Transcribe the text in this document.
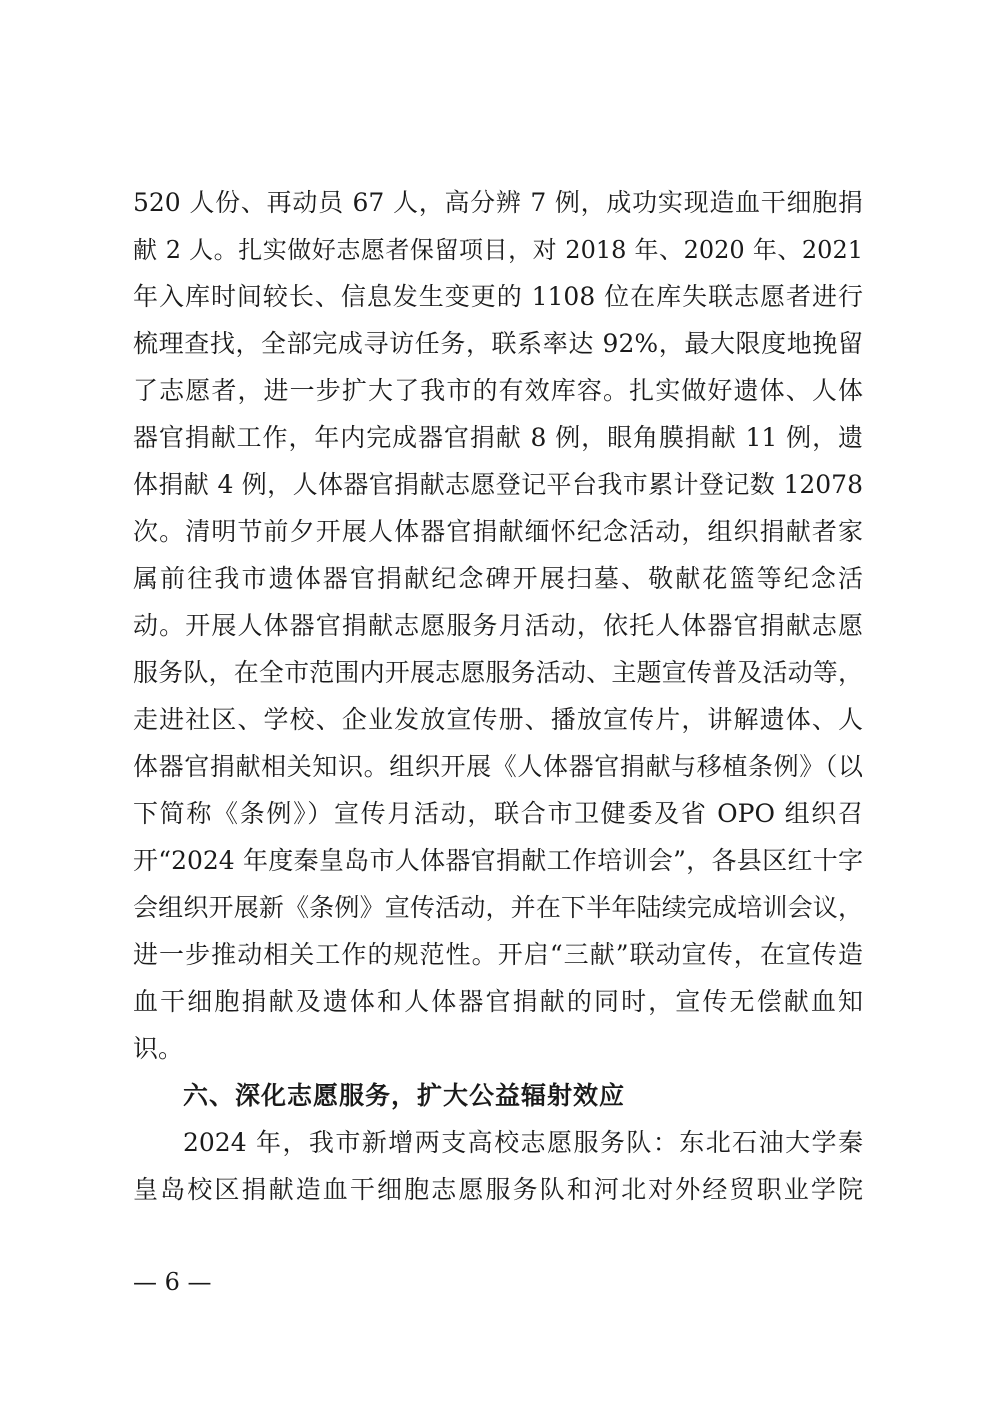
520 人份、再动员 67 人，高分辨 7 例，成功实现造血干细胞捐
献 2 人。扎实做好志愿者保留项目，对 2018 年、2020 年、2021
年入库时间较长、信息发生变更的 1108 位在库失联志愿者进行
梳理查找，全部完成寻访任务，联系率达 92%，最大限度地挽留
了志愿者，进一步扩大了我市的有效库容。扎实做好遗体、人体
器官捐献工作，年内完成器官捐献 8 例，眼角膜捐献 11 例，遗
体捐献 4 例，人体器官捐献志愿登记平台我市累计登记数 12078
次。清明节前夕开展人体器官捐献缅怀纪念活动，组织捐献者家
属前往我市遗体器官捐献纪念碑开展扫墓、敬献花篮等纪念活
动。开展人体器官捐献志愿服务月活动，依托人体器官捐献志愿
服务队，在全市范围内开展志愿服务活动、主题宣传普及活动等，
走进社区、学校、企业发放宣传册、播放宣传片，讲解遗体、人
体器官捐献相关知识。组织开展《人体器官捐献与移植条例》（以
下简称《条例》）宣传月活动，联合市卫健委及省 OPO 组织召
开“2024 年度秦皇岛市人体器官捐献工作培训会”，各县区红十字
会组织开展新《条例》宣传活动，并在下半年陆续完成培训会议，
进一步推动相关工作的规范性。开启“三献”联动宣传，在宣传造
血干细胞捐献及遗体和人体器官捐献的同时，宣传无偿献血知
识。
六、深化志愿服务，扩大公益辐射效应
2024 年，我市新增两支高校志愿服务队：东北石油大学秦
皇岛校区捐献造血干细胞志愿服务队和河北对外经贸职业学院
— 6 —
